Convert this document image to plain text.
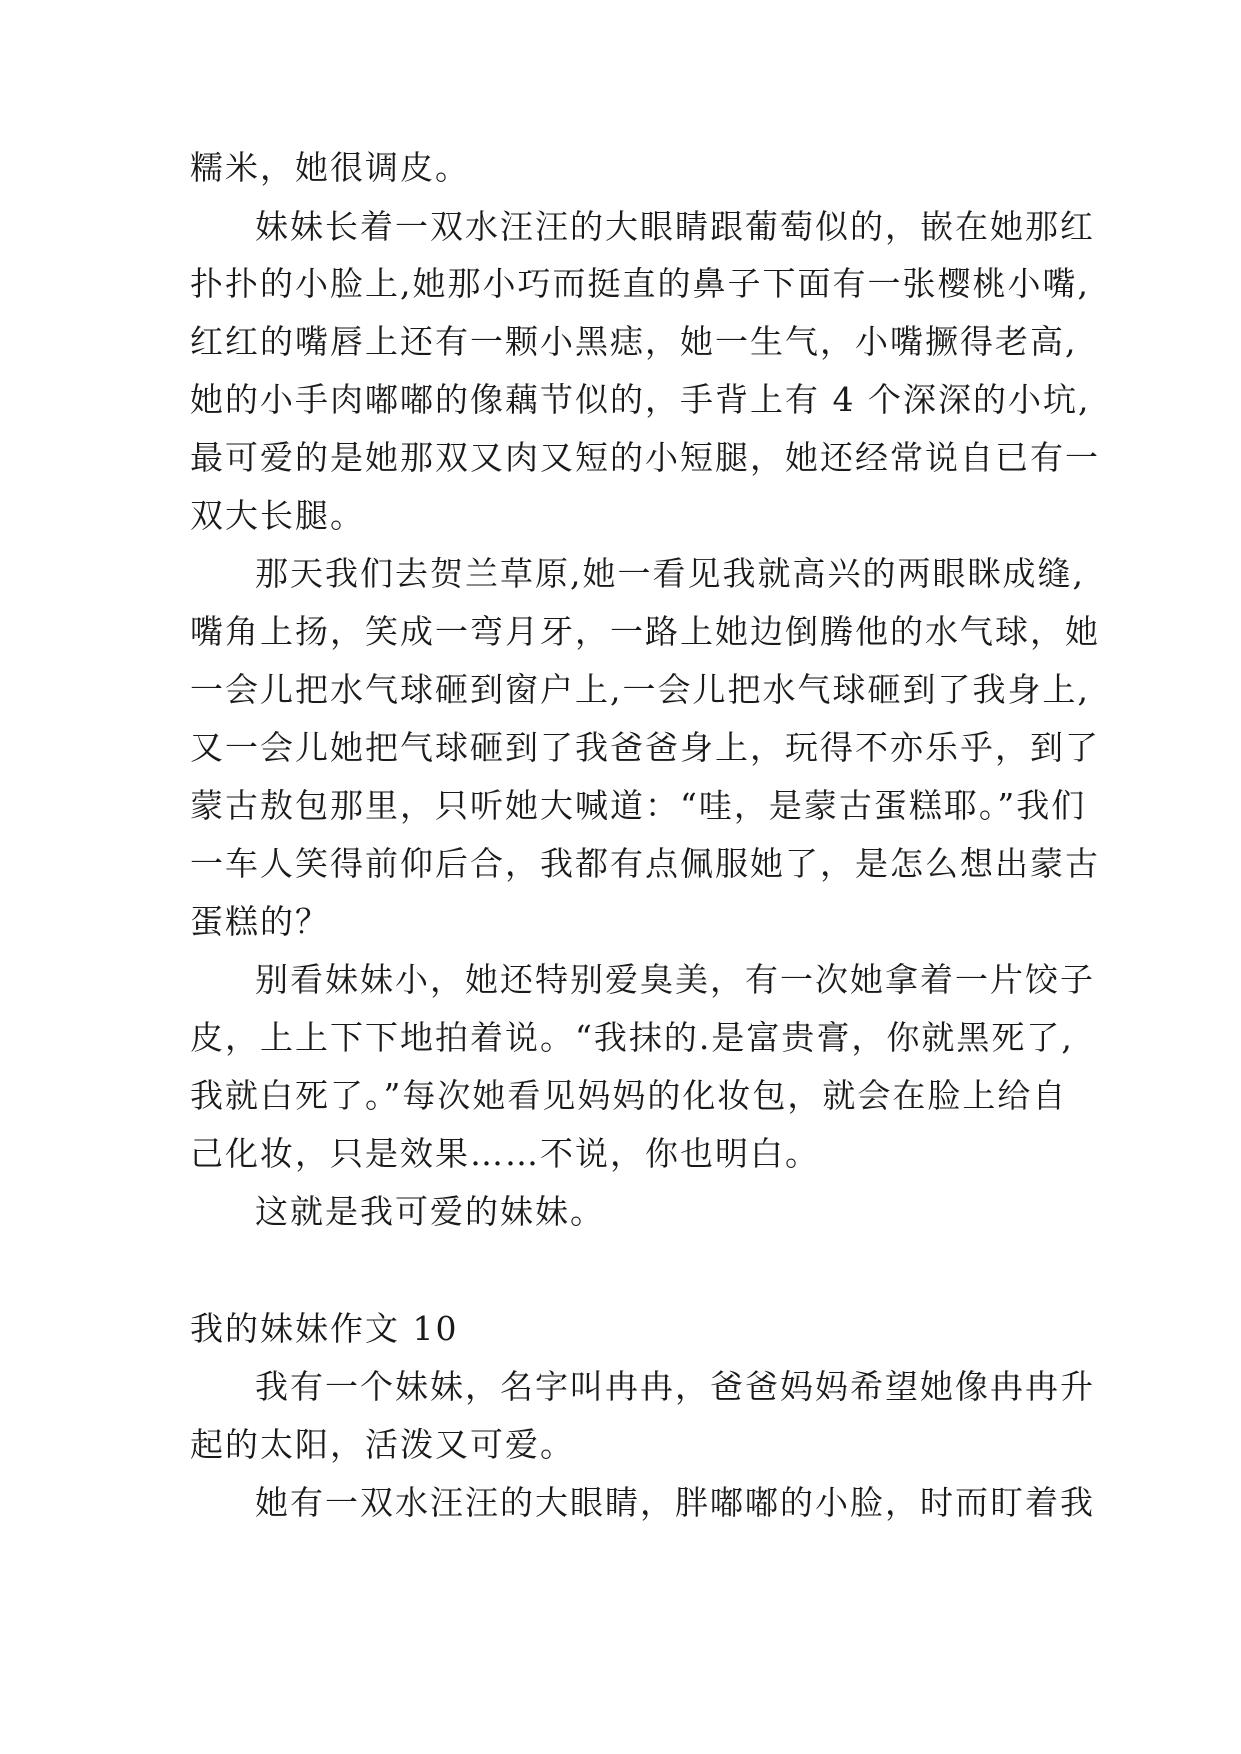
糯米，她很调皮。
妹妹长着一双水汪汪的大眼睛跟葡萄似的，嵌在她那红
扑扑的小脸上,她那小巧而挺直的鼻子下面有一张樱桃小嘴,
红红的嘴唇上还有一颗小黑痣，她一生气，小嘴撅得老高,
她的小手肉嘟嘟的像藕节似的，手背上有 4 个深深的小坑,
最可爱的是她那双又肉又短的小短腿，她还经常说自已有一
双大长腿。
那天我们去贺兰草原,她一看见我就高兴的两眼眯成缝,
嘴角上扬，笑成一弯月牙，一路上她边倒腾他的水气球，她
一会儿把水气球砸到窗户上,一会儿把水气球砸到了我身上,
又一会儿她把气球砸到了我爸爸身上，玩得不亦乐乎，到了
蒙古敖包那里，只听她大喊道：“哇，是蒙古蛋糕耶。”我们
一车人笑得前仰后合，我都有点佩服她了，是怎么想出蒙古
蛋糕的？
别看妹妹小，她还特别爱臭美，有一次她拿着一片饺子
皮，上上下下地拍着说。“我抹的.是富贵膏，你就黑死了,
我就白死了。”每次她看见妈妈的化妆包，就会在脸上给自
己化妆，只是效果……不说，你也明白。
这就是我可爱的妹妹。
我的妹妹作文 10
我有一个妹妹，名字叫冉冉，爸爸妈妈希望她像冉冉升
起的太阳，活泼又可爱。
她有一双水汪汪的大眼睛，胖嘟嘟的小脸，时而盯着我
